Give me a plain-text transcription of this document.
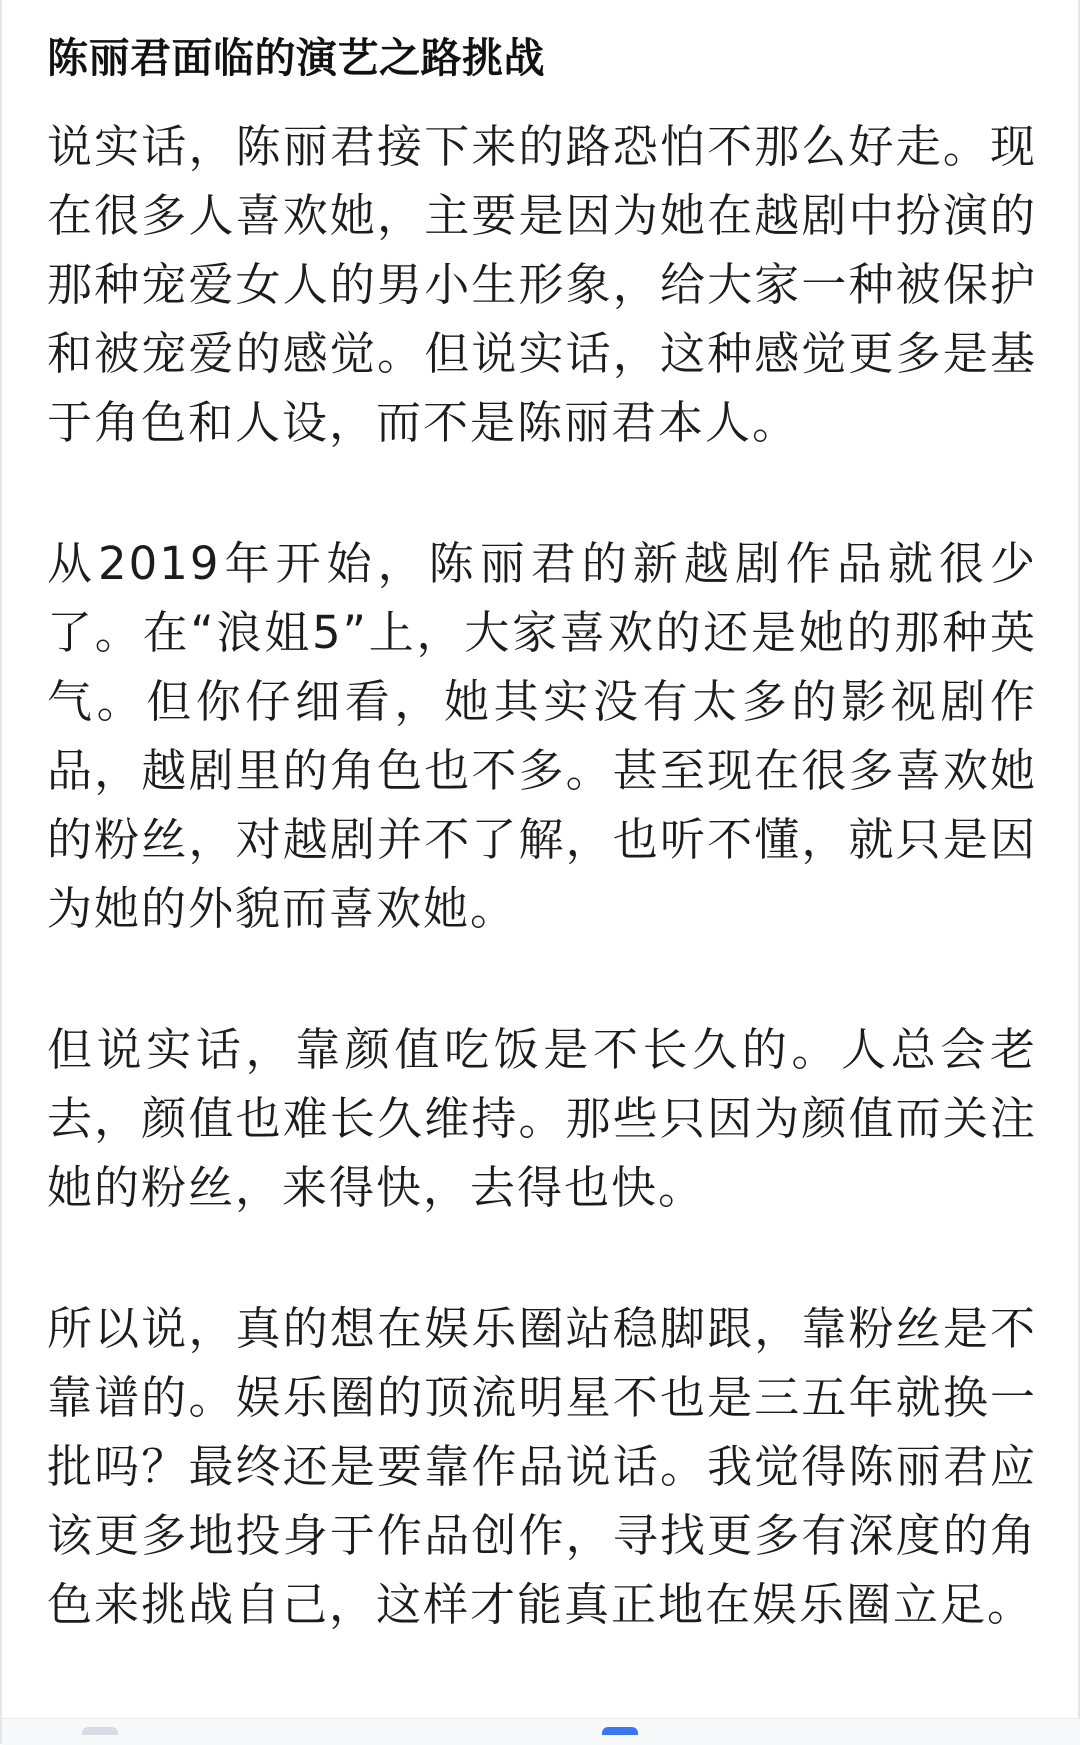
陈丽君面临的演艺之路挑战

说实话，陈丽君接下来的路恐怕不那么好走。现在很多人喜欢她，主要是因为她在越剧中扮演的那种宠爱女人的男小生形象，给大家一种被保护和被宠爱的感觉。但说实话，这种感觉更多是基于角色和人设，而不是陈丽君本人。

从2019年开始，陈丽君的新越剧作品就很少了。在“浪姐5”上，大家喜欢的还是她的那种英气。但你仔细看，她其实没有太多的影视剧作品，越剧里的角色也不多。甚至现在很多喜欢她的粉丝，对越剧并不了解，也听不懂，就只是因为她的外貌而喜欢她。

但说实话，靠颜值吃饭是不长久的。人总会老去，颜值也难长久维持。那些只因为颜值而关注她的粉丝，来得快，去得也快。

所以说，真的想在娱乐圈站稳脚跟，靠粉丝是不靠谱的。娱乐圈的顶流明星不也是三五年就换一批吗？最终还是要靠作品说话。我觉得陈丽君应该更多地投身于作品创作，寻找更多有深度的角色来挑战自己，这样才能真正地在娱乐圈立足。
